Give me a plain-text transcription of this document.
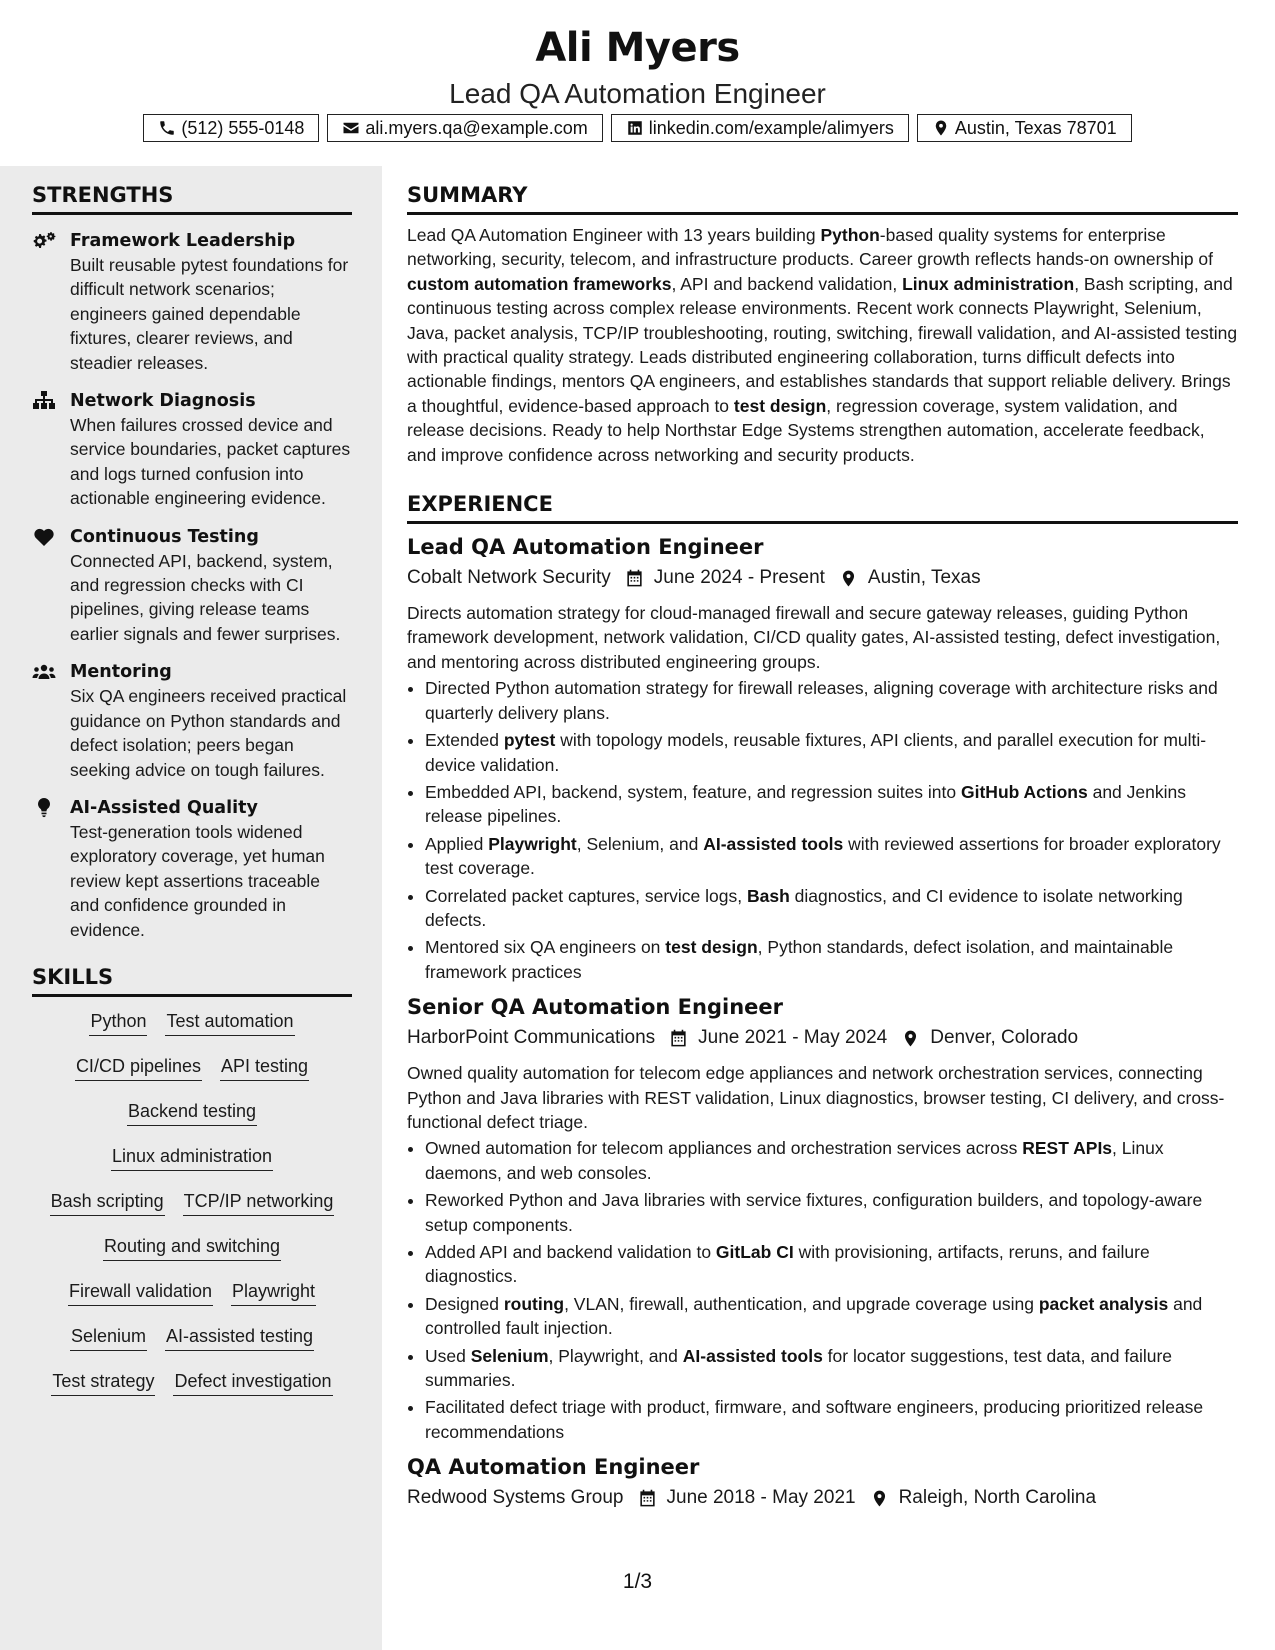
Ali Myers
Lead QA Automation Engineer
(512) 555-0148	ali.myers.qa@example.com	linkedin.com/example/alimyers	Austin, Texas 78701
STRENGTHS
Framework Leadership
Built reusable pytest foundations for difficult network scenarios; engineers gained dependable fixtures, clearer reviews, and steadier releases.
Network Diagnosis
When failures crossed device and service boundaries, packet captures and logs turned confusion into actionable engineering evidence.
Continuous Testing
Connected API, backend, system, and regression checks with CI pipelines, giving release teams earlier signals and fewer surprises.
Mentoring
Six QA engineers received practical guidance on Python standards and defect isolation; peers began seeking advice on tough failures.
AI-Assisted Quality
Test-generation tools widened exploratory coverage, yet human review kept assertions traceable and confidence grounded in evidence.
SKILLS
Python Test automation
CI/CD pipelines API testing
Backend testing
Linux administration
Bash scripting TCP/IP networking
Routing and switching
Firewall validation Playwright
Selenium AI-assisted testing
Test strategy Defect investigation
SUMMARY
Lead QA Automation Engineer with 13 years building Python-based quality systems for enterprise networking, security, telecom, and infrastructure products. Career growth reflects hands-on ownership of custom automation frameworks, API and backend validation, Linux administration, Bash scripting, and continuous testing across complex release environments. Recent work connects Playwright, Selenium, Java, packet analysis, TCP/IP troubleshooting, routing, switching, firewall validation, and AI-assisted testing with practical quality strategy. Leads distributed engineering collaboration, turns difficult defects into actionable findings, mentors QA engineers, and establishes standards that support reliable delivery. Brings a thoughtful, evidence-based approach to test design, regression coverage, system validation, and release decisions. Ready to help Northstar Edge Systems strengthen automation, accelerate feedback, and improve confidence across networking and security products.
EXPERIENCE
Lead QA Automation Engineer
Cobalt Network Security June 2024 - Present Austin, Texas
Directs automation strategy for cloud-managed firewall and secure gateway releases, guiding Python framework development, network validation, CI/CD quality gates, AI-assisted testing, defect investigation, and mentoring across distributed engineering groups.
• Directed Python automation strategy for firewall releases, aligning coverage with architecture risks and quarterly delivery plans.
• Extended pytest with topology models, reusable fixtures, API clients, and parallel execution for multi-device validation.
• Embedded API, backend, system, feature, and regression suites into GitHub Actions and Jenkins release pipelines.
• Applied Playwright, Selenium, and AI-assisted tools with reviewed assertions for broader exploratory test coverage.
• Correlated packet captures, service logs, Bash diagnostics, and CI evidence to isolate networking defects.
• Mentored six QA engineers on test design, Python standards, defect isolation, and maintainable framework practices
Senior QA Automation Engineer
HarborPoint Communications June 2021 - May 2024 Denver, Colorado
Owned quality automation for telecom edge appliances and network orchestration services, connecting Python and Java libraries with REST validation, Linux diagnostics, browser testing, CI delivery, and cross-functional defect triage.
• Owned automation for telecom appliances and orchestration services across REST APIs, Linux daemons, and web consoles.
• Reworked Python and Java libraries with service fixtures, configuration builders, and topology-aware setup components.
• Added API and backend validation to GitLab CI with provisioning, artifacts, reruns, and failure diagnostics.
• Designed routing, VLAN, firewall, authentication, and upgrade coverage using packet analysis and controlled fault injection.
• Used Selenium, Playwright, and AI-assisted tools for locator suggestions, test data, and failure summaries.
• Facilitated defect triage with product, firmware, and software engineers, producing prioritized release recommendations
QA Automation Engineer
Redwood Systems Group June 2018 - May 2021 Raleigh, North Carolina
1/3
